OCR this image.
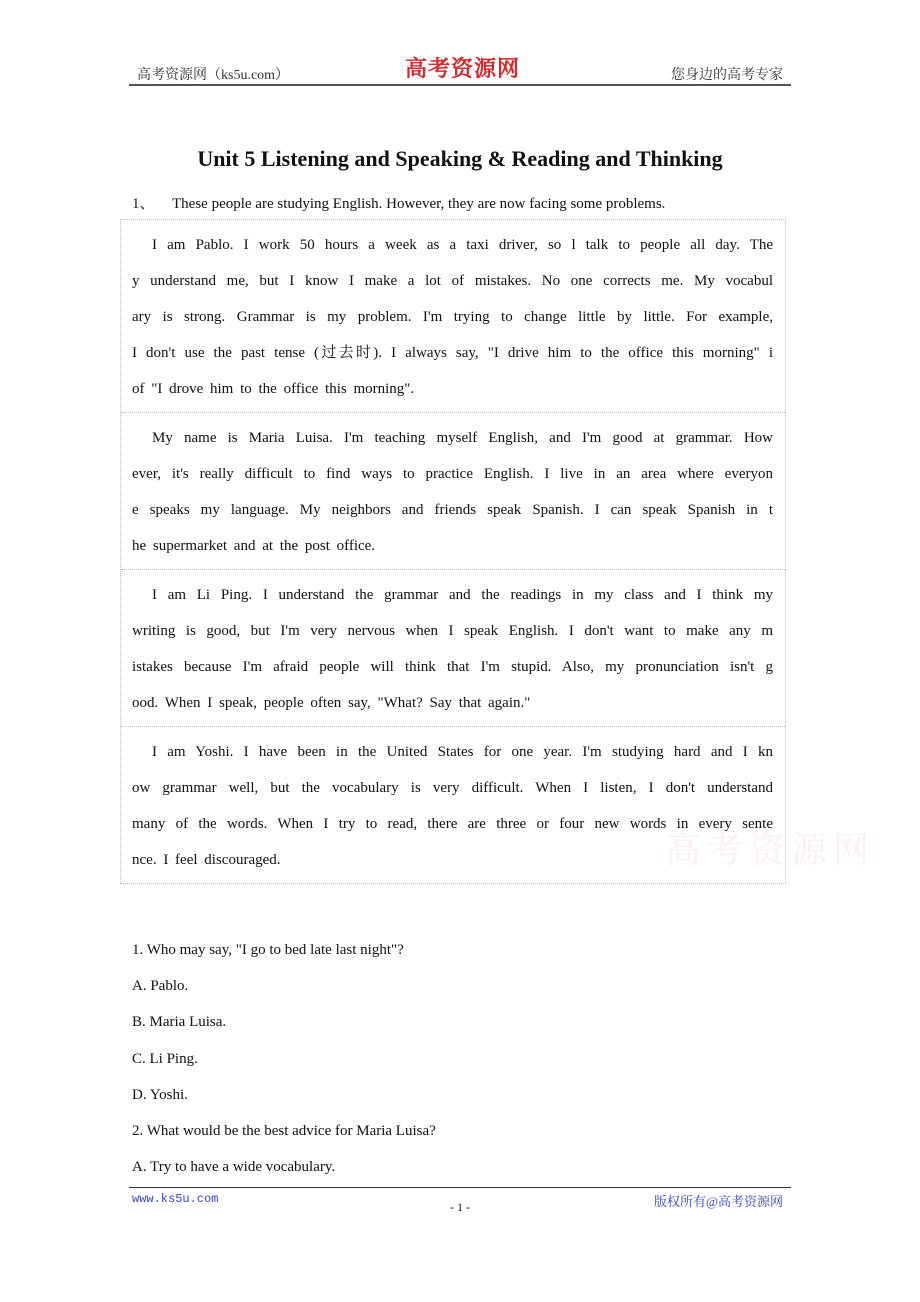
高考资源网（ks5u.com）	高考资源网	您身边的高考专家
Unit 5 Listening and Speaking & Reading and Thinking
1、 These people are studying English. However, they are now facing some problems.
I am Pablo. I work 50 hours a week as a taxi driver, so l talk to people all day. The
y understand me, but I know I make a lot of mistakes. No one corrects me. My vocabul
ary is strong. Grammar is my problem. I'm trying to change little by little. For example,
I don't use the past tense (过去时). I always say, "I drive him to the office this morning" i
of "I drove him to the office this morning".
My name is Maria Luisa. I'm teaching myself English, and I'm good at grammar. How
ever, it's really difficult to find ways to practice English. I live in an area where everyon
e speaks my language. My neighbors and friends speak Spanish. I can speak Spanish in t
he supermarket and at the post office.
I am Li Ping. I understand the grammar and the readings in my class and I think my
writing is good, but I'm very nervous when I speak English. I don't want to make any m
istakes because I'm afraid people will think that I'm stupid. Also, my pronunciation isn't g
ood. When I speak, people often say, "What? Say that again."
I am Yoshi. I have been in the United States for one year. I'm studying hard and I kn
ow grammar well, but the vocabulary is very difficult. When I listen, I don't understand
many of the words. When I try to read, there are three or four new words in every sente
nce. I feel discouraged.	高考资源网
1. Who may say, "I go to bed late last night"?
A. Pablo.
B. Maria Luisa.
C. Li Ping.
D. Yoshi.
2. What would be the best advice for Maria Luisa?
A. Try to have a wide vocabulary.
www.ks5u.com
- 1 -	版权所有@高考资源网
